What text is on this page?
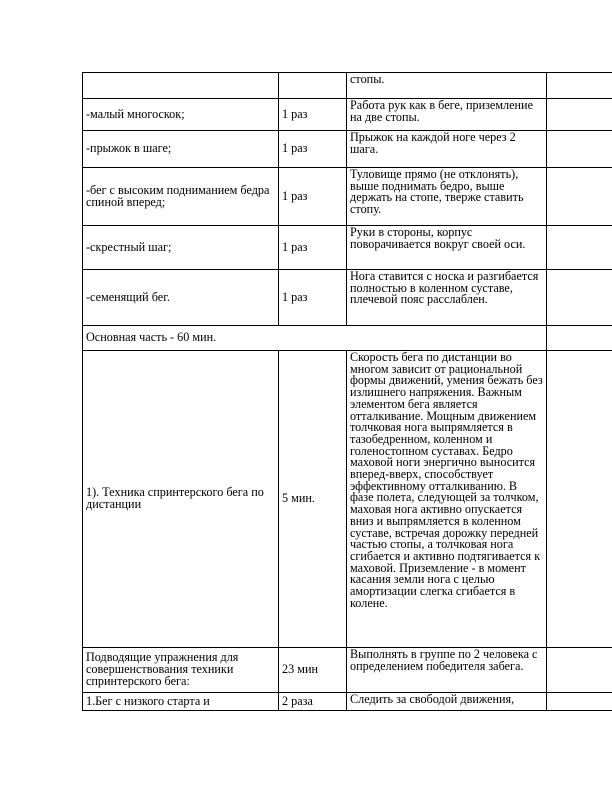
		стопы.	
-малый многоскок;	1 раз	Работа рук как в беге, приземление на две стопы.	
-прыжок в шаге;	1 раз	Прыжок на каждой ноге через 2 шага.	
-бег с высоким подниманием бедра спиной вперед;	1 раз	Туловище прямо (не отклонять), выше поднимать бедро, выше держать на стопе, тверже ставить стопу.	
-скрестный шаг;	1 раз	Руки в стороны, корпус поворачивается вокруг своей оси.	
-семенящий бег.	1 раз	Нога ставится с носка и разгибается полностью в коленном суставе, плечевой пояс расслаблен.	
Основная часть - 60 мин.			
1). Техника спринтерского бега по дистанции	5 мин.	Скорость бега по дистанции во многом зависит от рациональной формы движений, умения бежать без излишнего напряжения. Важным элементом бега является отталкивание. Мощным движением толчковая нога выпрямляется в тазобедренном, коленном и голеностопном суставах. Бедро маховой ноги энергично выносится вперед-вверх, способствует эффективному отталкиванию. В фазе полета, следующей за толчком, маховая нога активно опускается вниз и выпрямляется в коленном суставе, встречая дорожку передней частью стопы, а толчковая нога сгибается и активно подтягивается к маховой. Приземление - в момент касания земли нога с целью амортизации слегка сгибается в колене.	
Подводящие упражнения для совершенствования техники спринтерского бега:	23 мин	Выполнять в группе по 2 человека с определением победителя забега.	
1.Бег с низкого старта и	2 раза	Следить за свободой движения,	
